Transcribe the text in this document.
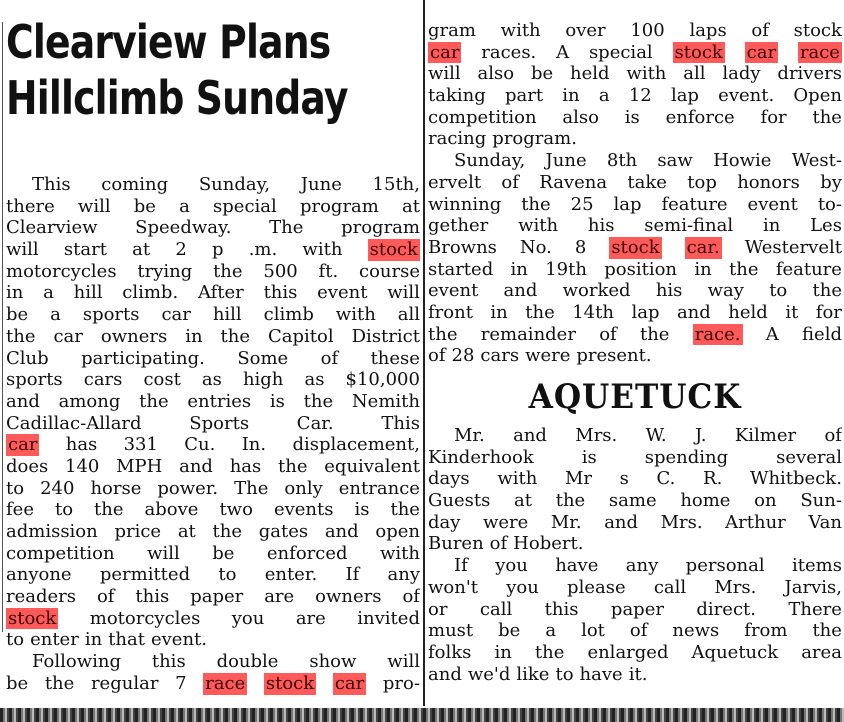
Clearview Plans
Hillclimb Sunday
This coming Sunday, June 15th,
there will be a special program at
Clearview Speedway. The program
will start at 2 p .m. with stock
motorcycles trying the 500 ft. course
in a hill climb. After this event will
be a sports car hill climb with all
the car owners in the Capitol District
Club participating. Some of these
sports cars cost as high as $10,000
and among the entries is the Nemith
Cadillac-Allard	Sports	Car.	This
car has 331 Cu. In. displacement,
does 140 MPH and has the equivalent
to 240 horse power. The only entrance
fee to the above two events is the
admission price at the gates and open
competition will be enforced with
anyone permitted to enter. If any
readers of this paper are owners of
stock motorcycles you are invited
to enter in that event.
Following this double show will
be the regular 7 race stock car pro-
gram with over 100 laps of stock
car races. A special stock car race
will also be held with all lady drivers
taking part in a 12 lap event. Open
competition also is enforce for the
racing program.
Sunday, June 8th saw Howie West-
ervelt of Ravena take top honors by
winning the 25 lap feature event to-
gether with his semi-final in Les
Browns No. 8 stock car. Westervelt
started in 19th position in the feature
event and worked his way to the
front in the 14th lap and held it for
the remainder of the race. A field
of 28 cars were present.
AQUETUCK
Mr. and Mrs. W. J. Kilmer of
Kinderhook	is	spending	several
days with Mr s C. R. Whitbeck.
Guests at the same home on Sun-
day were Mr. and Mrs. Arthur Van
Buren of Hobert.
If you have any personal items
won't you please call Mrs. Jarvis,
or call this paper direct. There
must be a lot of news from the
folks in the enlarged Aquetuck area
and we'd like to have it.
